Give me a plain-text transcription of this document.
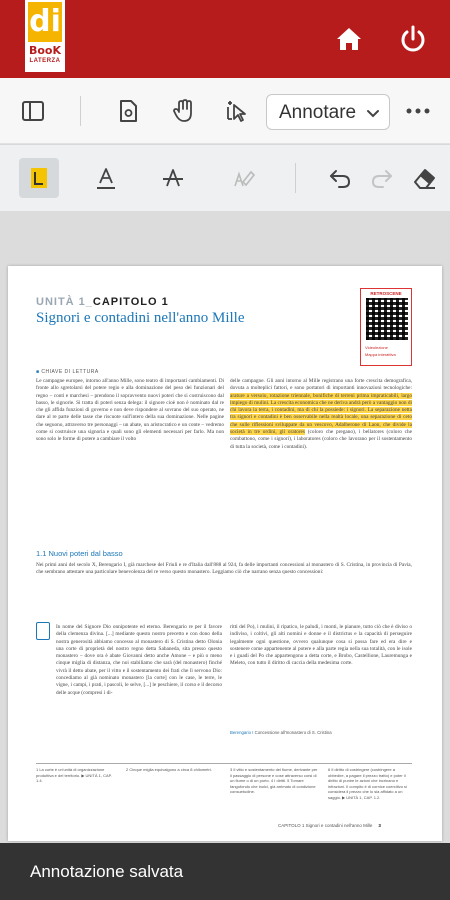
di
BooK
LATERZA
Annotare
UNITÀ 1_CAPITOLO 1
Signori e contadini nell'anno Mille
RETROSCENE
Videolezione
Mappa interattiva
■ CHIAVE DI LETTURA
Le campagne europee, intorno all'anno Mille, sono teatro di importanti cambiamenti. Di fronte allo sgretolarsi del potere regio e alla dominazione del peso dei funzionari del regno – conti e marchesi – prendono il sopravvento nuovi poteri che si costruiscono dal basso, le signorie. Si tratta di poteri senza delega: il signore cioè non è nominato dal re che gli affida funzioni di governo e non deve rispondere al sovrano del suo operato, ne dare al re parte delle tasse che riscuote sull'intero della sua dominazione. Nelle pagine che seguono, attraverso tre personaggi – un abate, un aristocratico e un conte – vedremo come si costruisce una signoria e quali sono gli elementi necessari per farlo. Ma non sono solo le forme di potere a cambiare il volto
delle campagne. Gli anni intorno al Mille registrano una forte crescita demografica, dovuta a molteplici fattori, e sono portatori di importanti innovazioni tecnologiche: arature a versoio, rotazione triennale, bonifiche di terreni prima impraticabili, largo impiego di mulini. La crescita economica che ne deriva andrà però a vantaggio non di chi lavora la terra, i contadini, ma di chi la possiede: i signori. La separazione netta tra signori e contadini è ben osservabile nella realtà locale, una separazione di ceto che sulle riflessioni sviluppate da un vescovo, Adalberone di Laon, che divide la società in tre ordini, gli oratores (coloro che pregano), i bellatores (coloro che combattono, come i signori), i laboratores (coloro che lavorano per il sostentamento di tutta la società, come i contadini).
1.1 Nuovi poteri dal basso
Nei primi anni del secolo X, Berengario I, già marchese del Friuli e re d'Italia dall'888 al 924, fa delle importanti concessioni al monastero di S. Cristina, in provincia di Pavia, che sembrano attestare una particolare benevolenza del re verso questo monastero. Leggiamo ciò che narrano senza questo concessioni:
In nome del Signore Dio onnipotente ed eterno. Berengario re per il favore della clemenza divina. [...] mediante questo nostro precetto e con dono della nostra generosità abbiamo concesso al monastero di S. Cristina detto Olonia una corte di proprietà del nostro regno detta Sabaneda, sita presso questo monastero – dove ora è abate Giovanni detto anche Amone – e più o meno cinque miglia di distanza, che noi stabiliamo che sarà (del monastero) finché vivrà il detto abate, per il vitto e il sostentamento dei frati che lì servono Dio: concediamo al già nominato monastero [la corte] con le case, le terre, le vigne, i campi, i prati, i pascoli, le selve, [...] le peschiere, il corso e il decorso delle acque (compresi i di-
ritti del Po), i mulini, il ripatico, le paludi, i monti, le pianure, tutto ciò che è diviso o indiviso, i coltivi, gli alti nomini e donne e il districtus e la capacità di perseguire legalmente ogni questione, ovvero qualunque cosa si possa fare ed era dire e sostenere come appartenente al potere e alla parte regia nella sua totalità, con le isole e i guadi del Po che appartengono a detta corte, e Brobo, Castellione, Lauremunga e Meleto, con tutto il diritto di caccia della medesima corte.
Berengario I Concessione all'monastero di S. Cristina
1 La corte è un'unità di organizzazione produttiva e del territorio. ▶ UNITÀ 1, CAP. 1.4.
2 Cinque miglia equivalgono a circa 8 chilometri.	3 Il vitto e sostentamento del fiume, derivante per il passaggio di persone e cose attraverso corsi di un fiume o di un porto. 4 I diritti. 5 Tomare fangofondo che inolci, già arrimato di condizione consuetudine.
6 Il diritto di costringere (costringere a obbedire, a pagare il prezzo tratto) e poter il diritto di punire le azioni che incrinano e infrazioni. Il compito è di cornice coercitivo si considera il prezzo che lo sia affidato a un saggio. ▶ UNITÀ 1, CAP. 1.2.
CAPITOLO 1 Signori e contadini nell'anno Mille 3
Annotazione salvata
